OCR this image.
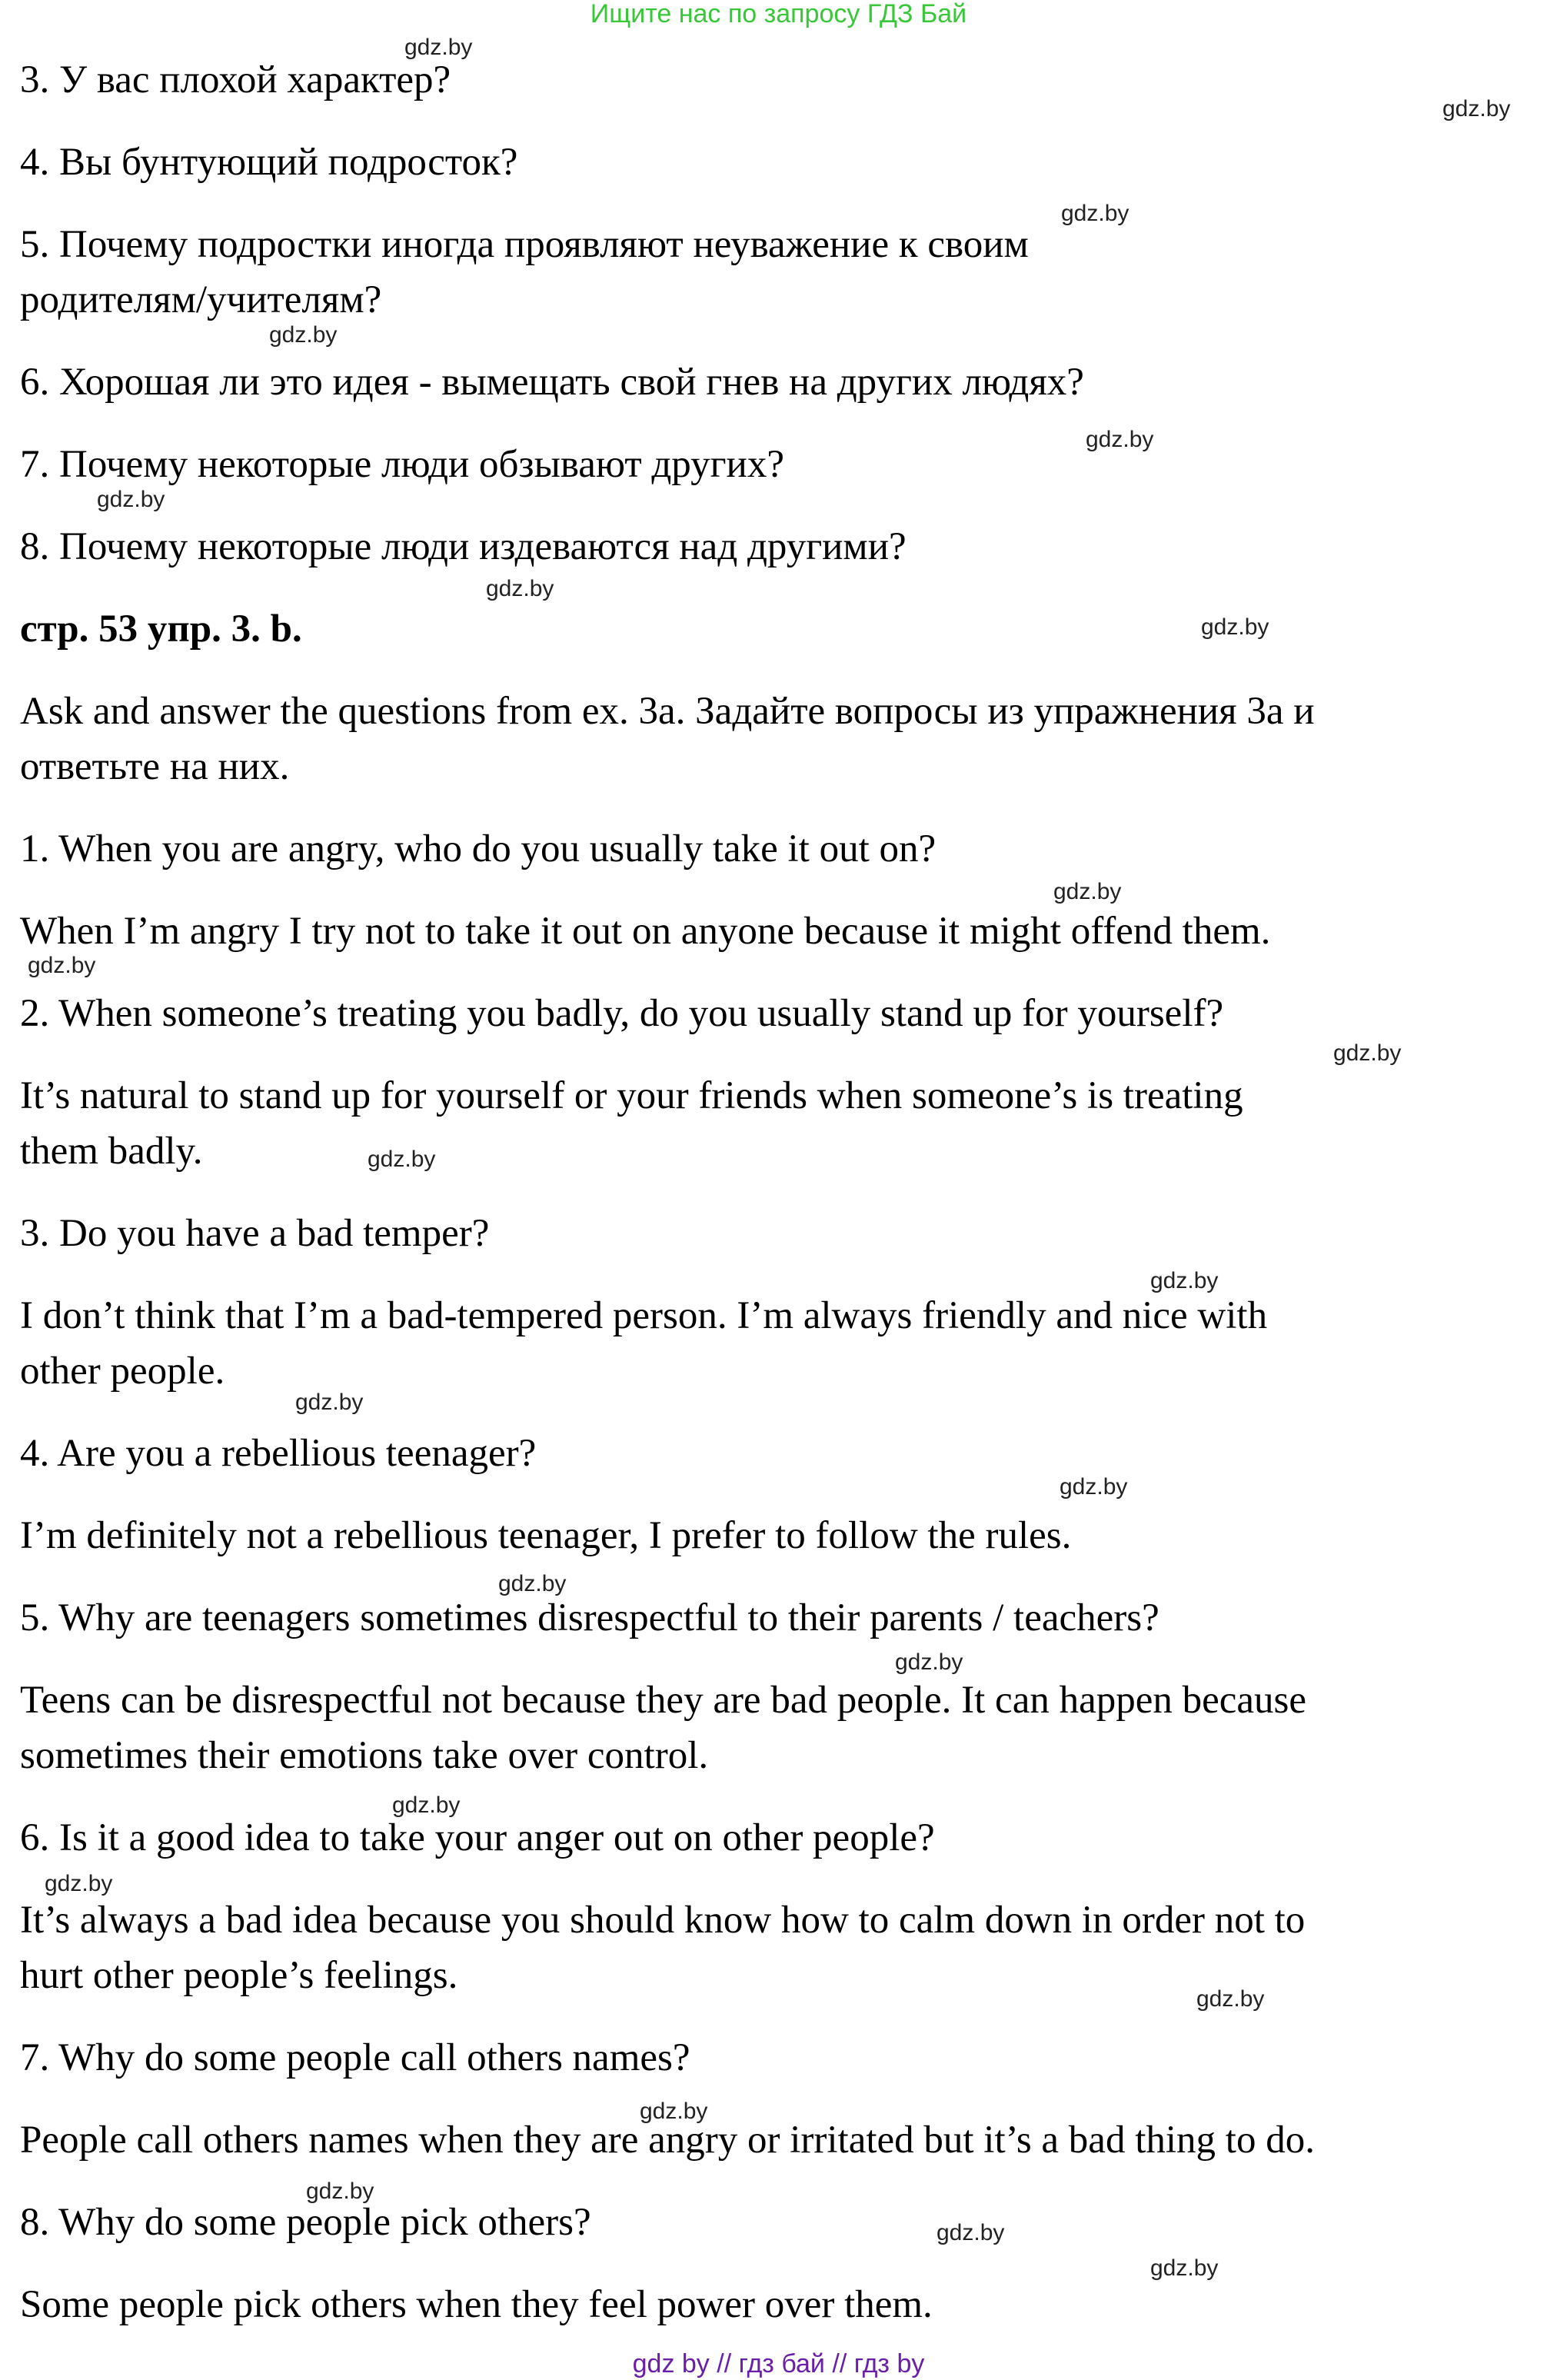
Ищите нас по запросу ГДЗ Бай

3. У вас плохой характер?

4. Вы бунтующий подросток?

5. Почему подростки иногда проявляют неуважение к своим

родителям/учителям?

6. Хорошая ли это идея - вымещать свой гнев на других людях?

7. Почему некоторые люди обзывают других?

8. Почему некоторые люди издеваются над другими?

стр. 53 упр. 3. b.

Ask and answer the questions from ex. 3a. Задайте вопросы из упражнения 3а и

ответьте на них.

1. When you are angry, who do you usually take it out on?

When I’m angry I try not to take it out on anyone because it might offend them.

2. When someone’s treating you badly, do you usually stand up for yourself?

It’s natural to stand up for yourself or your friends when someone’s is treating

them badly.

3. Do you have a bad temper?

I don’t think that I’m a bad-tempered person. I’m always friendly and nice with

other people.

4. Are you a rebellious teenager?

I’m definitely not a rebellious teenager, I prefer to follow the rules.

5. Why are teenagers sometimes disrespectful to their parents / teachers?

Teens can be disrespectful not because they are bad people. It can happen because

sometimes their emotions take over control.

6. Is it a good idea to take your anger out on other people?

It’s always a bad idea because you should know how to calm down in order not to

hurt other people’s feelings.

7. Why do some people call others names?

People call others names when they are angry or irritated but it’s a bad thing to do.

8. Why do some people pick others?

Some people pick others when they feel power over them.

gdz.by
gdz.by
gdz.by
gdz.by
gdz.by
gdz.by
gdz.by
gdz.by
gdz.by
gdz.by
gdz.by
gdz.by
gdz.by
gdz.by
gdz.by
gdz.by
gdz.by
gdz.by
gdz.by
gdz.by
gdz.by
gdz.by
gdz.by
gdz.by
gdz by // гдз бай // гдз by
